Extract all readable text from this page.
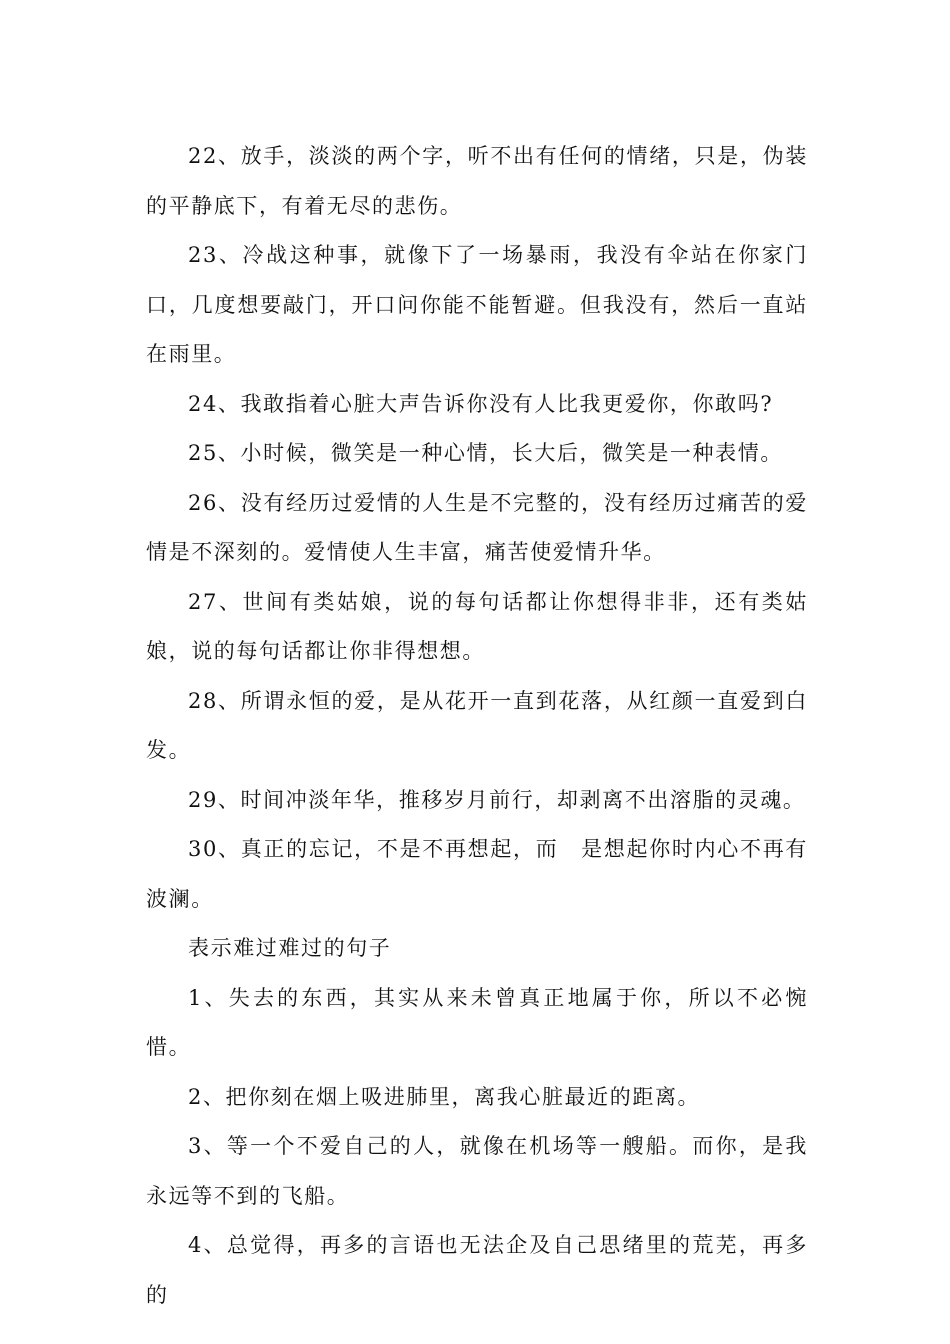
22、放手，淡淡的两个字，听不出有任何的情绪，只是，伪装的平静底下，有着无尽的悲伤。

23、冷战这种事，就像下了一场暴雨，我没有伞站在你家门口，几度想要敲门，开口问你能不能暂避。但我没有，然后一直站在雨里。

24、我敢指着心脏大声告诉你没有人比我更爱你，你敢吗?

25、小时候，微笑是一种心情，长大后，微笑是一种表情。

26、没有经历过爱情的人生是不完整的，没有经历过痛苦的爱情是不深刻的。爱情使人生丰富，痛苦使爱情升华。

27、世间有类姑娘，说的每句话都让你想得非非，还有类姑娘，说的每句话都让你非得想想。

28、所谓永恒的爱，是从花开一直到花落，从红颜一直爱到白发。

29、时间冲淡年华，推移岁月前行，却剥离不出溶脂的灵魂。

30、真正的忘记，不是不再想起，而　是想起你时内心不再有波澜。

表示难过难过的句子

1、失去的东西，其实从来未曾真正地属于你，所以不必惋惜。

2、把你刻在烟上吸进肺里，离我心脏最近的距离。

3、等一个不爱自己的人，就像在机场等一艘船。而你，是我永远等不到的飞船。

4、总觉得，再多的言语也无法企及自己思绪里的荒芜，再多的
